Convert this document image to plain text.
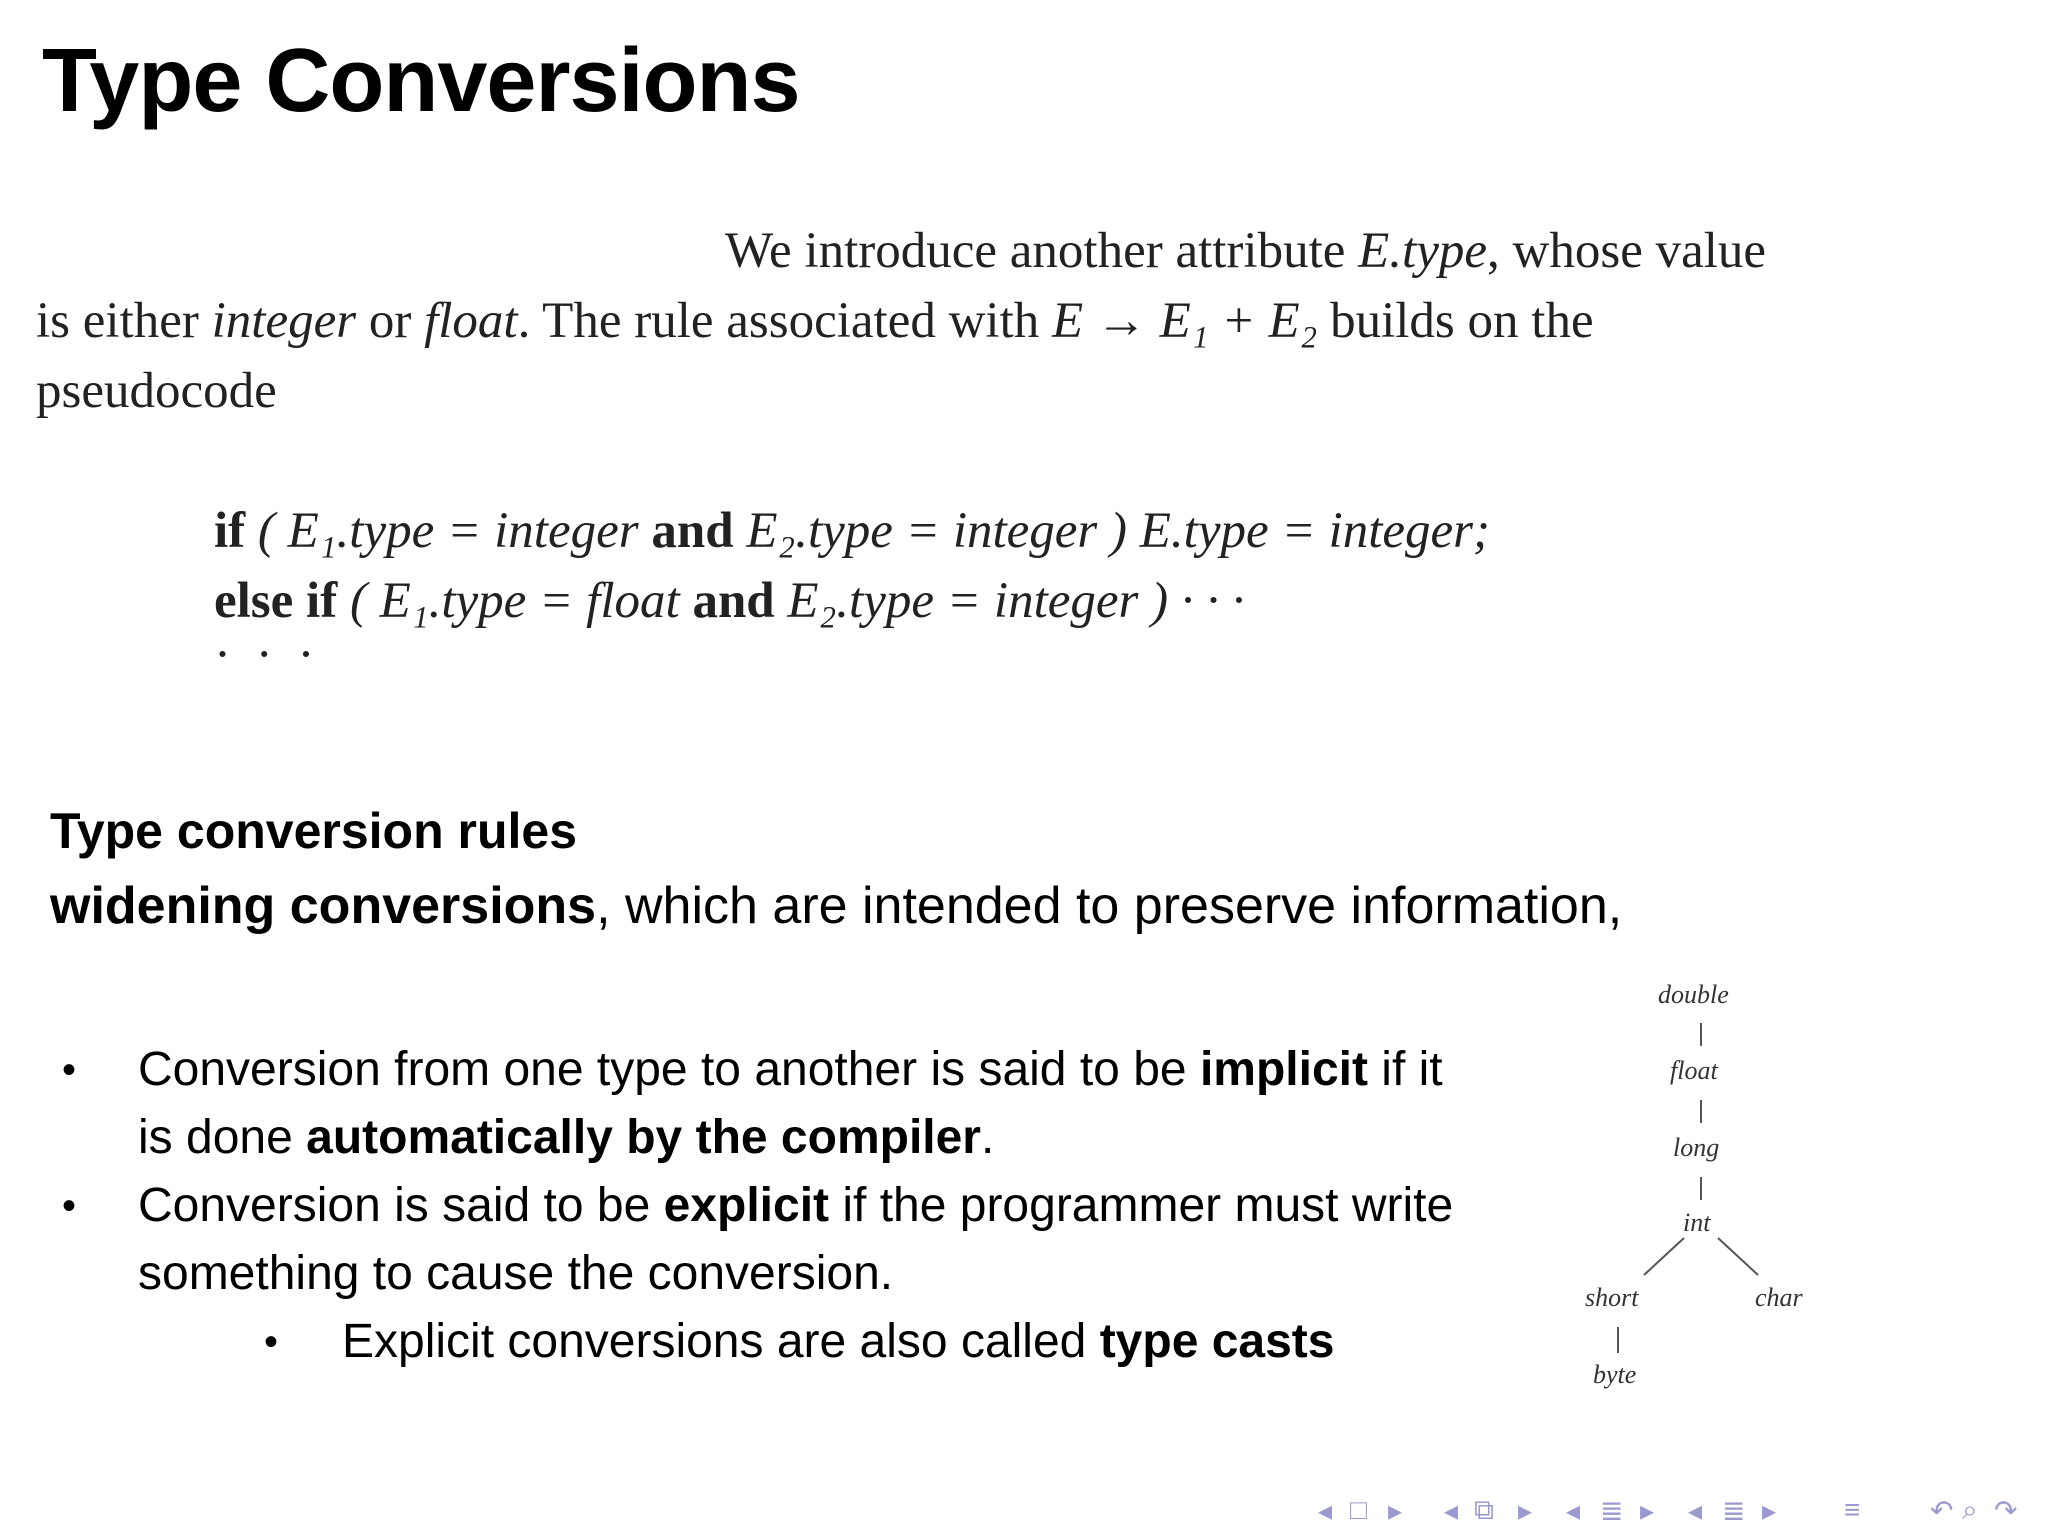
Type Conversions
We introduce another attribute E.type, whose value
is either integer or float. The rule associated with E → E₁ + E₂ builds on the
pseudocode
if ( E₁.type = integer and E₂.type = integer ) E.type = integer;
else if ( E₁.type = float and E₂.type = integer ) · · ·
· · ·
Type conversion rules

widening conversions, which are intended to preserve information,

• Conversion from one type to another is said to be implicit if it is done automatically by the compiler.
• Conversion is said to be explicit if the programmer must write something to cause the conversion.
• Explicit conversions are also called type casts
double
float
long
int
short	char
byte
◂ □ ▸ ◂ ⧉ ▸ ◂ ≣ ▸ ◂ ≣ ▸ ≡ ↶ ⌕ ↷
